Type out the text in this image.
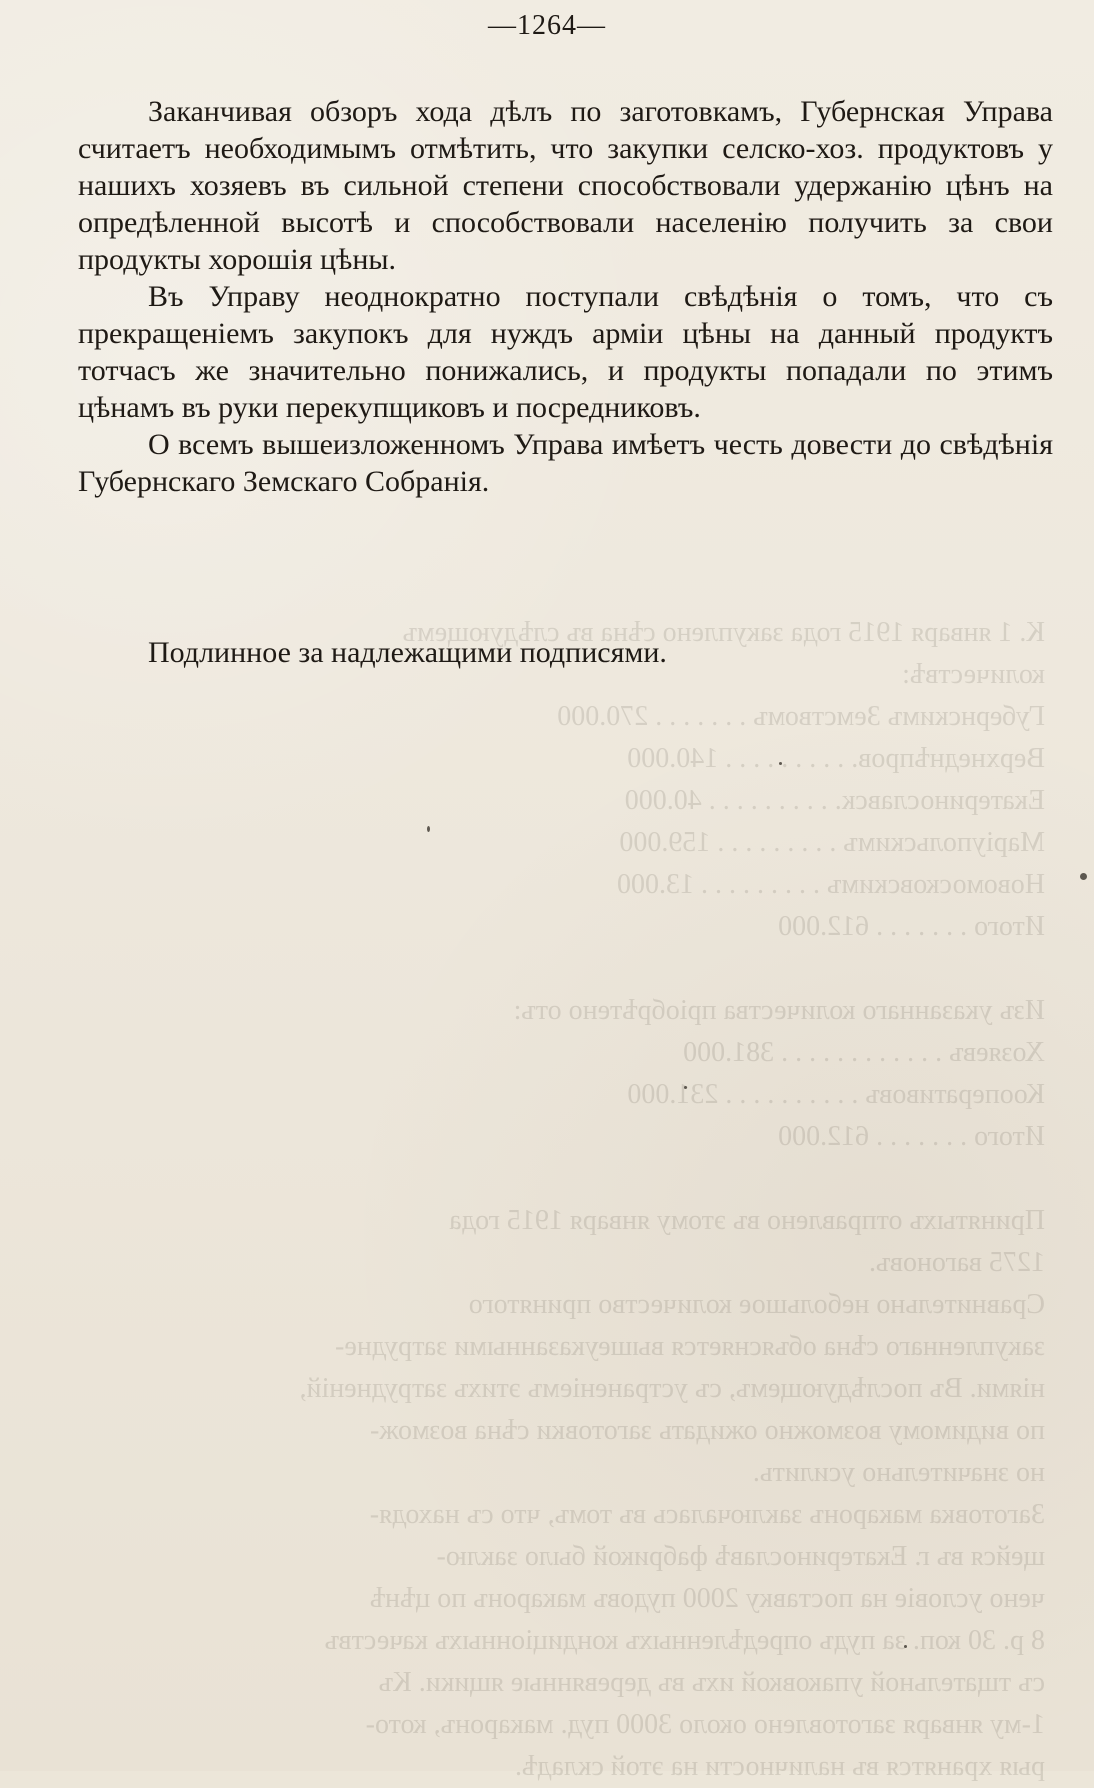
К. 1 января 1915 года закуплено сѣна въ слѣдующемъ
количествѣ:
Губернскимъ Земствомъ . . . . . . . 270.000
Верхнеднѣпров. . . . . . . . . . 140.000
Екатеринославск. . . . . . . . . . 40.000
Маріупольскимъ . . . . . . . . . 159.000
Новомосковскимъ . . . . . . . . . 13.000
Итого . . . . . . . 612.000

Изъ указаннаго количества пріобрѣтено отъ:
Хозяевъ . . . . . . . . . . . . 381.000
Кооперативовъ . . . . . . . . . . 231.000
Итого . . . . . . . 612.000

Принятыхъ отправлено въ этому января 1915 года
1275 вагоновъ.
Сравнительно небольшое количество принятого
закупленнаго сѣна объясняется вышеуказанными затрудне-
ніями. Въ послѣдующемъ, съ устраненіемъ этихъ затрудненій,
по видимому возможно ожидать заготовки сѣна возмож-
но значительно усилить.
Заготовка макаронъ заключалась въ томъ, что съ находя-
щейся въ г. Екатеринославѣ фабрикой было заклю-
чено условіе на поставку 2000 пудовъ макаронъ по цѣнѣ
8 р. 30 коп. за пудъ опредѣленныхъ кондиціонныхъ качествъ
съ тщательной упаковкой ихъ въ деревянные ящики. Къ
1-му января заготовлено около 3000 пуд. макаронъ, кото-
рыя хранятся въ наличности на этой складѣ.

—1264—

Заканчивая обзоръ хода дѣлъ по заготовкамъ, Губернская Управа считаетъ необходимымъ отмѣтить, что закупки селско-хоз. продуктовъ у нашихъ хозяевъ въ сильной степени способствовали удержанію цѣнъ на опредѣленной высотѣ и способствовали населенію получить за свои продукты хорошія цѣны.

Въ Управу неоднократно поступали свѣдѣнія о томъ, что съ прекращеніемъ закупокъ для нуждъ арміи цѣны на данный продуктъ тотчасъ же значительно понижались, и продукты попадали по этимъ цѣнамъ въ руки перекупщиковъ и посредниковъ.

О всемъ вышеизложенномъ Управа имѣетъ честь довести до свѣдѣнія Губернскаго Земскаго Собранія.

Подлинное за надлежащими подписями.
